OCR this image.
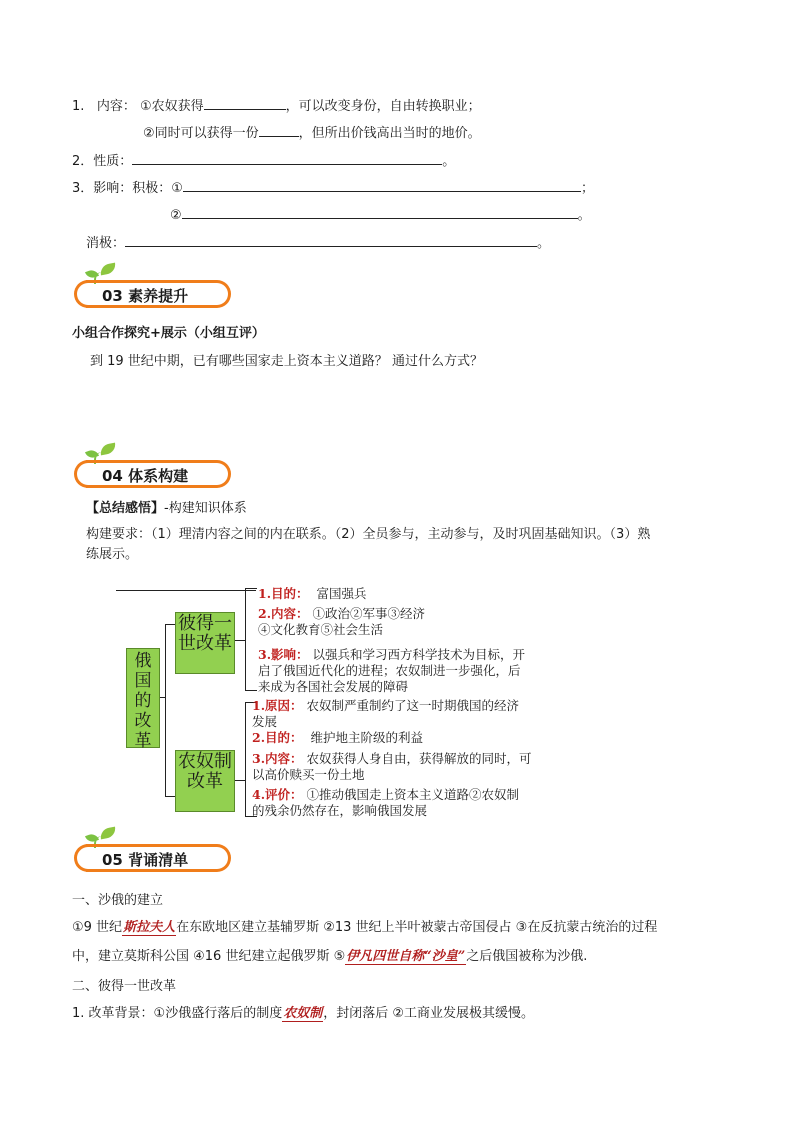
1. 内容： ①农奴获得	，可以改变身份，自由转换职业；
②同时可以获得一份	，但所出价钱高出当时的地价。
2．性质：	。
3．影响：积极：①	；
②	。
消极：	。
03 素养提升
小组合作探究+展示（小组互评）
到 19 世纪中期，已有哪些国家走上资本主义道路？ 通过什么方式？
04 体系构建
【总结感悟】-构建知识体系
构建要求：（1）理清内容之间的内在联系。（2）全员参与，主动参与，及时巩固基础知识。（3）熟
练展示。
俄国的改革
彼得一世改革
1.目的： 富国强兵
2.内容： ①政治②军事③经济
④文化教育⑤社会生活
3.影响： 以强兵和学习西方科学技术为目标，开
启了俄国近代化的进程；农奴制进一步强化，后
来成为各国社会发展的障碍
农奴制改革
1.原因： 农奴制严重制约了这一时期俄国的经济
发展
2.目的： 维护地主阶级的利益
3.内容： 农奴获得人身自由，获得解放的同时，可
以高价赎买一份土地
4.评价： ①推动俄国走上资本主义道路②农奴制
的残余仍然存在，影响俄国发展
05 背诵清单
一、沙俄的建立
①9 世纪斯拉夫人在东欧地区建立基辅罗斯 ②13 世纪上半叶被蒙古帝国侵占 ③在反抗蒙古统治的过程
中，建立莫斯科公国 ④16 世纪建立起俄罗斯 ⑤伊凡四世自称“沙皇”之后俄国被称为沙俄.
二、彼得一世改革
1. 改革背景：①沙俄盛行落后的制度农奴制，封闭落后 ②工商业发展极其缓慢。
